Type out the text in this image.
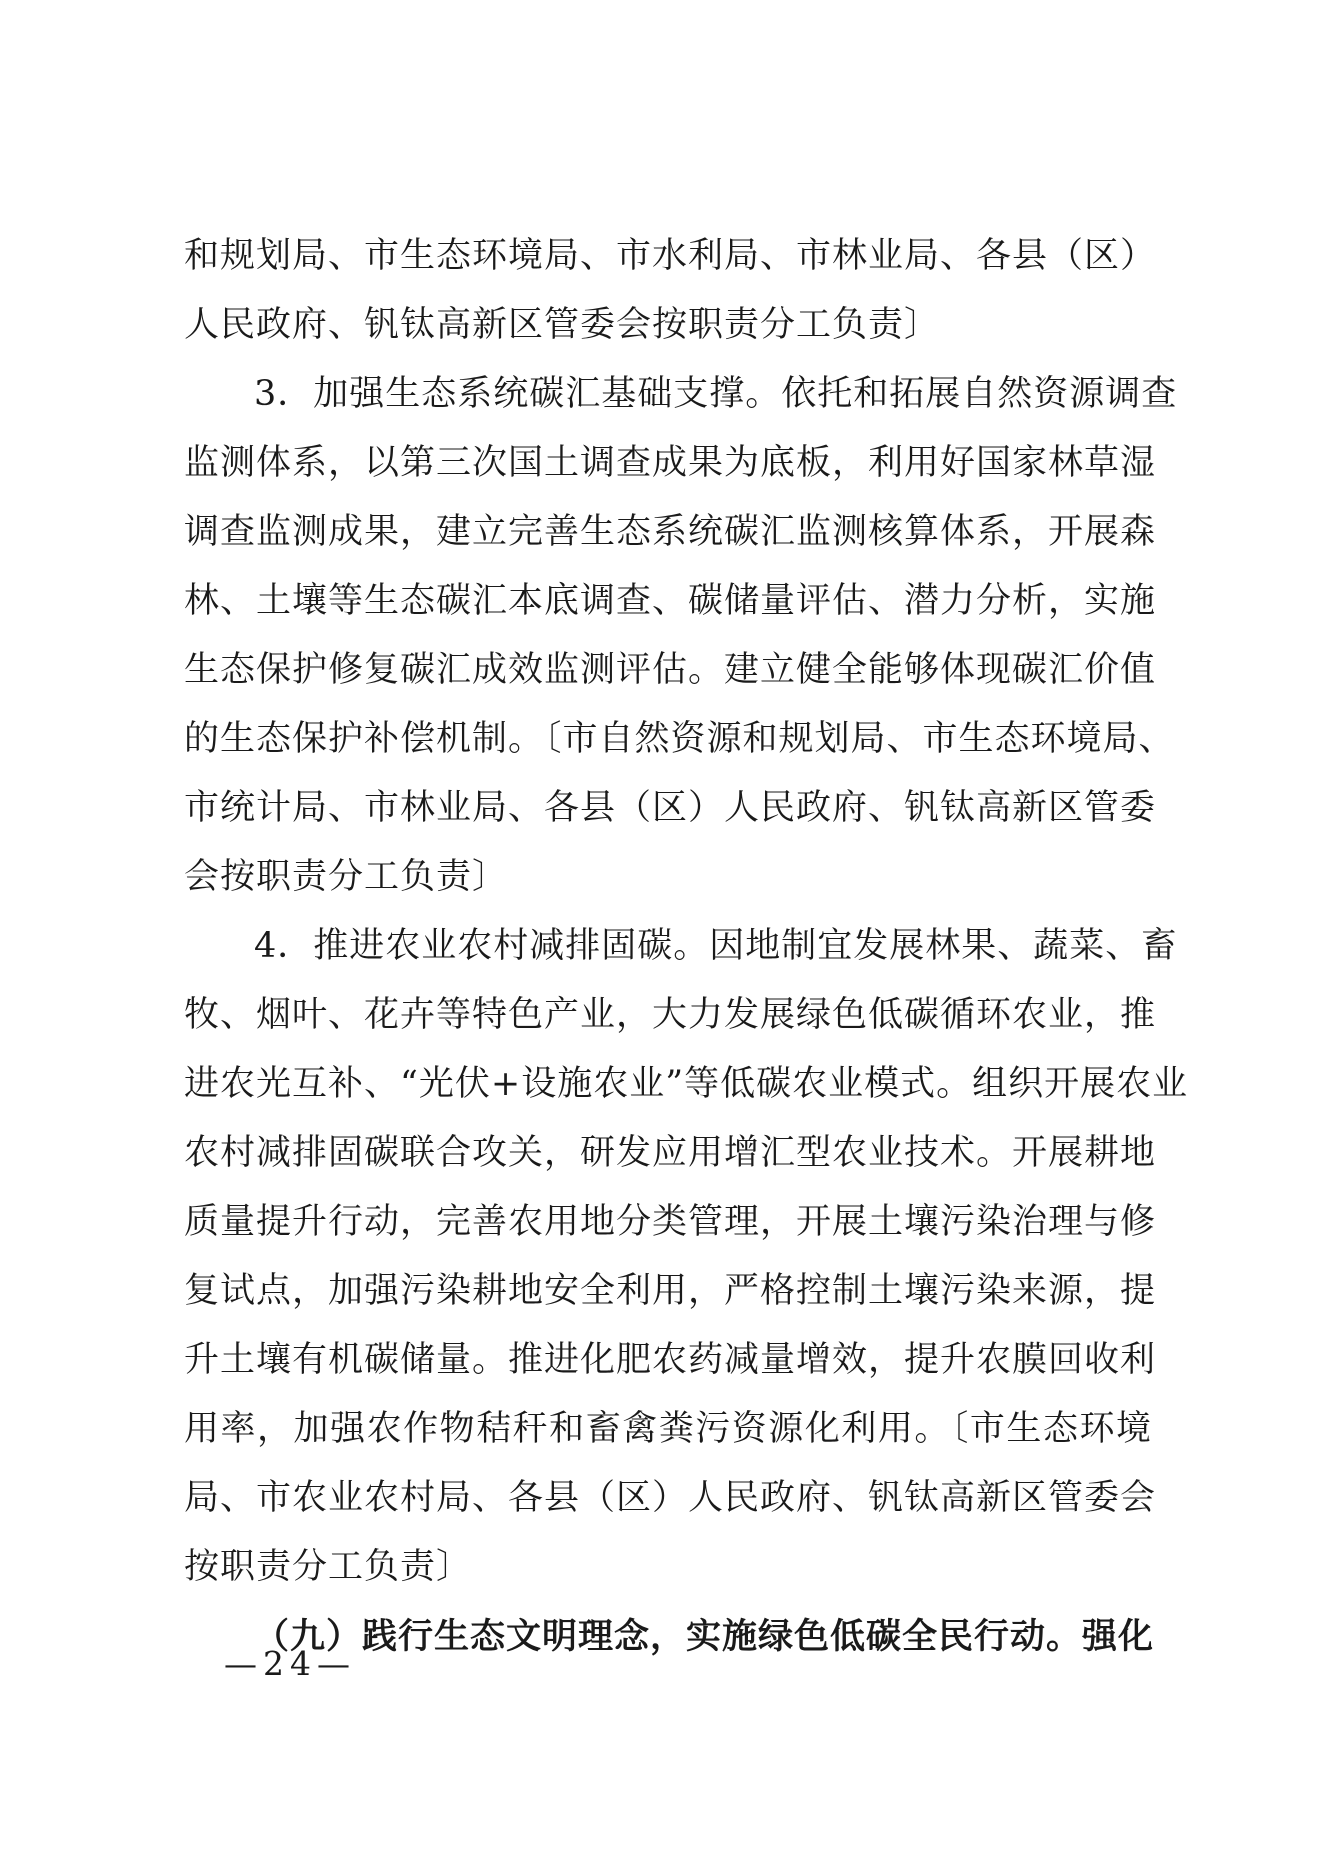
和规划局、市生态环境局、市水利局、市林业局、各县（区）
人民政府、钒钛高新区管委会按职责分工负责〕
3．加强生态系统碳汇基础支撑。依托和拓展自然资源调查
监测体系，以第三次国土调查成果为底板，利用好国家林草湿
调查监测成果，建立完善生态系统碳汇监测核算体系，开展森
林、土壤等生态碳汇本底调查、碳储量评估、潜力分析，实施
生态保护修复碳汇成效监测评估。建立健全能够体现碳汇价值
的生态保护补偿机制。〔市自然资源和规划局、市生态环境局、
市统计局、市林业局、各县（区）人民政府、钒钛高新区管委
会按职责分工负责〕
4．推进农业农村减排固碳。因地制宜发展林果、蔬菜、畜
牧、烟叶、花卉等特色产业，大力发展绿色低碳循环农业，推
进农光互补、“光伏+设施农业”等低碳农业模式。组织开展农业
农村减排固碳联合攻关，研发应用增汇型农业技术。开展耕地
质量提升行动，完善农用地分类管理，开展土壤污染治理与修
复试点，加强污染耕地安全利用，严格控制土壤污染来源，提
升土壤有机碳储量。推进化肥农药减量增效，提升农膜回收利
用率，加强农作物秸秆和畜禽粪污资源化利用。〔市生态环境
局、市农业农村局、各县（区）人民政府、钒钛高新区管委会
按职责分工负责〕
（九）践行生态文明理念，实施绿色低碳全民行动。强化
—24—
